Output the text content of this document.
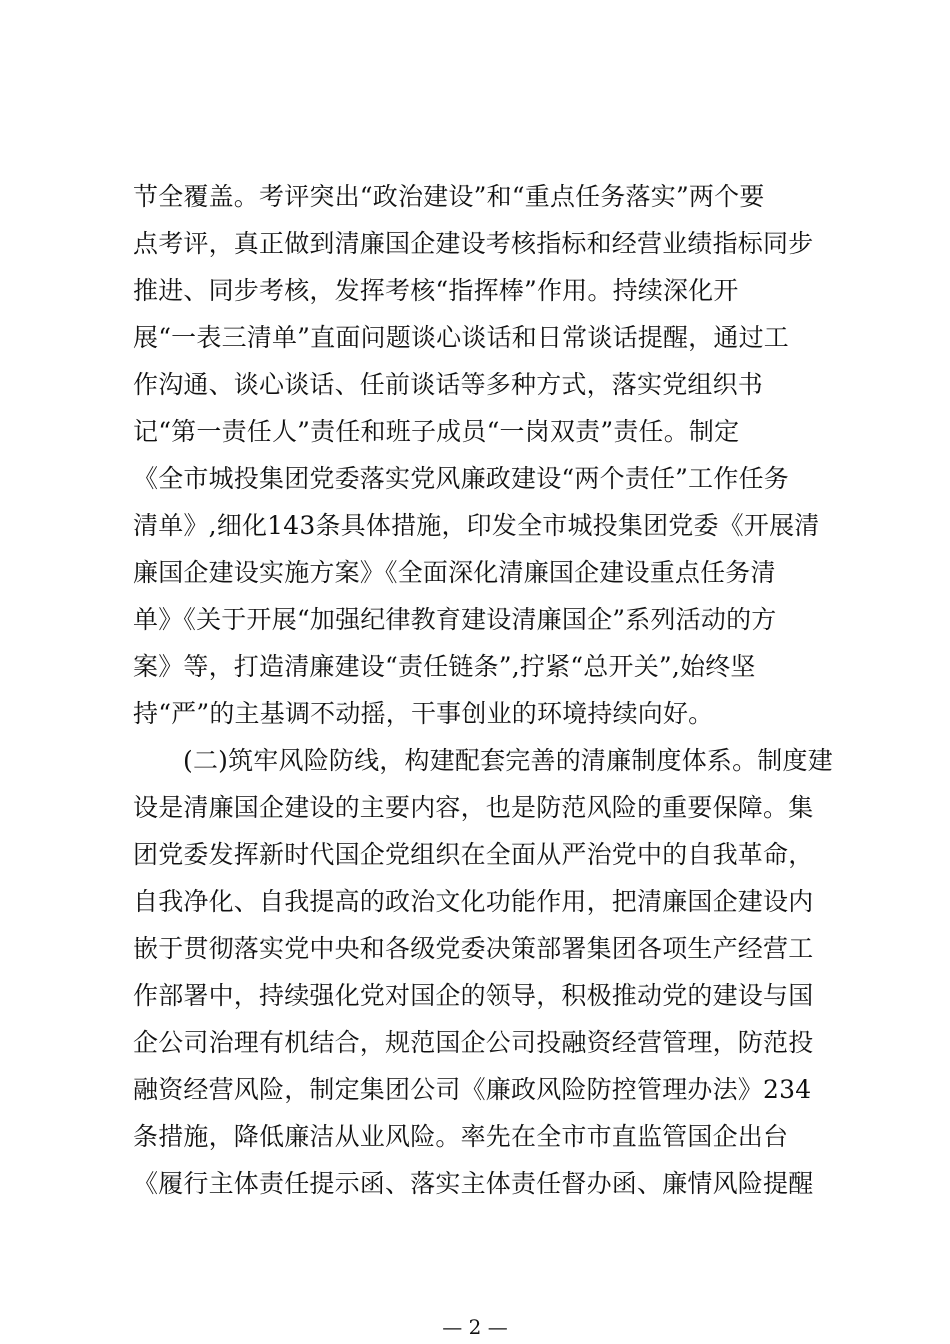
节全覆盖。考评突出“政治建设”和“重点任务落实”两个要
点考评，真正做到清廉国企建设考核指标和经营业绩指标同步
推进、同步考核，发挥考核“指挥棒”作用。持续深化开
展“一表三清单”直面问题谈心谈话和日常谈话提醒，通过工
作沟通、谈心谈话、任前谈话等多种方式，落实党组织书
记“第一责任人”责任和班子成员“一岗双责”责任。制定
《全市城投集团党委落实党风廉政建设“两个责任”工作任务
清单》,细化143条具体措施，印发全市城投集团党委《开展清
廉国企建设实施方案》《全面深化清廉国企建设重点任务清
单》《关于开展“加强纪律教育建设清廉国企”系列活动的方
案》等，打造清廉建设“责任链条”,拧紧“总开关”,始终坚
持“严”的主基调不动摇，干事创业的环境持续向好。
(二)筑牢风险防线，构建配套完善的清廉制度体系。制度建
设是清廉国企建设的主要内容，也是防范风险的重要保障。集
团党委发挥新时代国企党组织在全面从严治党中的自我革命，
自我净化、自我提高的政治文化功能作用，把清廉国企建设内
嵌于贯彻落实党中央和各级党委决策部署集团各项生产经营工
作部署中，持续强化党对国企的领导，积极推动党的建设与国
企公司治理有机结合，规范国企公司投融资经营管理，防范投
融资经营风险，制定集团公司《廉政风险防控管理办法》234
条措施，降低廉洁从业风险。率先在全市市直监管国企出台
《履行主体责任提示函、落实主体责任督办函、廉情风险提醒
— 2 —
